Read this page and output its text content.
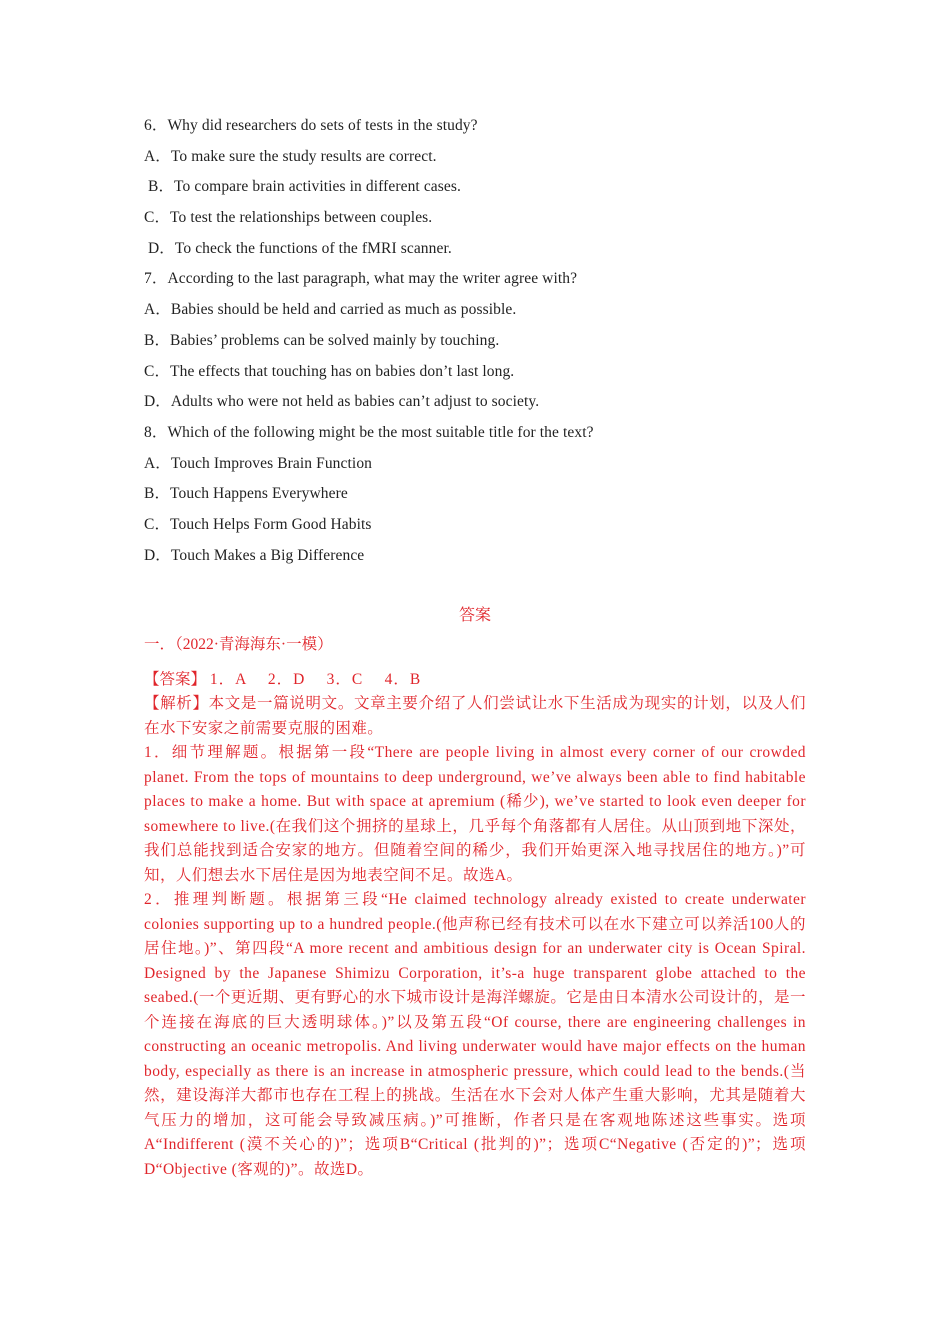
6．Why did researchers do sets of tests in the study?
A．To make sure the study results are correct.
B．To compare brain activities in different cases.
C．To test the relationships between couples.
D．To check the functions of the fMRI scanner.
7．According to the last paragraph, what may the writer agree with?
A．Babies should be held and carried as much as possible.
B．Babies’ problems can be solved mainly by touching.
C．The effects that touching has on babies don’t last long.
D．Adults who were not held as babies can’t adjust to society.
8．Which of the following might be the most suitable title for the text?
A．Touch Improves Brain Function
B．Touch Happens Everywhere
C．Touch Helps Form Good Habits
D．Touch Makes a Big Difference
答案
一．（2022·青海海东·一模）
【答案】 1．A　 2．D　 3．C　 4．B
【解析】本文是一篇说明文。文章主要介绍了人们尝试让水下生活成为现实的计划，以及人们在水下安家之前需要克服的困难。
1．细节理解题。根据第一段“There are people living in almost every corner of our crowded planet. From the tops of mountains to deep underground, we’ve always been able to find habitable places to make a home. But with space at apremium (稀少), we’ve started to look even deeper for somewhere to live.(在我们这个拥挤的星球上，几乎每个角落都有人居住。从山顶到地下深处，我们总能找到适合安家的地方。但随着空间的稀少，我们开始更深入地寻找居住的地方。)”可知，人们想去水下居住是因为地表空间不足。故选A。
2．推理判断题。根据第三段“He claimed technology already existed to create underwater colonies supporting up to a hundred people.(他声称已经有技术可以在水下建立可以养活100人的居住地。)”、第四段“A more recent and ambitious design for an underwater city is Ocean Spiral. Designed by the Japanese Shimizu Corporation, it’s-a huge transparent globe attached to the seabed.(一个更近期、更有野心的水下城市设计是海洋螺旋。它是由日本清水公司设计的，是一个连接在海底的巨大透明球体。)”以及第五段“Of course, there are engineering challenges in constructing an oceanic metropolis. And living underwater would have major effects on the human body, especially as there is an increase in atmospheric pressure, which could lead to the bends.(当然，建设海洋大都市也存在工程上的挑战。生活在水下会对人体产生重大影响，尤其是随着大气压力的增加，这可能会导致减压病。)”可推断，作者只是在客观地陈述这些事实。选项A“Indifferent (漠不关心的)”；选项B“Critical (批判的)”；选项C“Negative (否定的)”；选项D“Objective (客观的)”。故选D。
